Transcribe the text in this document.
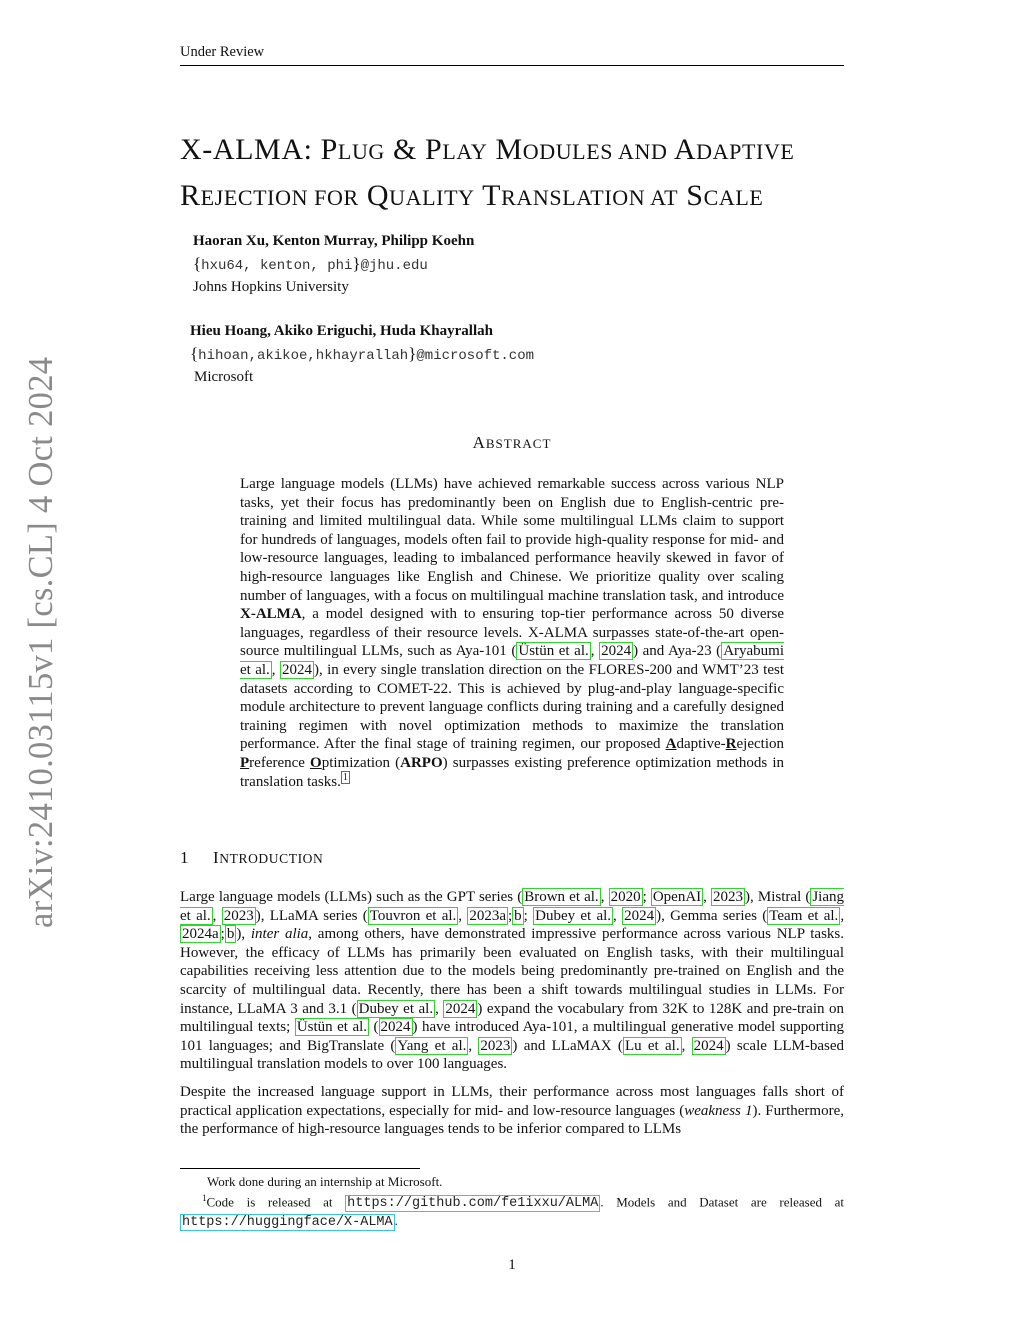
Under Review
arXiv:2410.03115v1 [cs.CL] 4 Oct 2024
X-ALMA: PLUG & PLAY MODULES AND ADAPTIVE
REJECTION FOR QUALITY TRANSLATION AT SCALE
Haoran Xu, Kenton Murray, Philipp Koehn
{hxu64, kenton, phi}@jhu.edu
Johns Hopkins University
Hieu Hoang, Akiko Eriguchi, Huda Khayrallah
{hihoan,akikoe,hkhayrallah}@microsoft.com
Microsoft
ABSTRACT
Large language models (LLMs) have achieved remarkable success across various NLP tasks, yet their focus has predominantly been on English due to English-centric pre-training and limited multilingual data. While some multilingual LLMs claim to support for hundreds of languages, models often fail to provide high-quality response for mid- and low-resource languages, leading to imbalanced performance heavily skewed in favor of high-resource languages like English and Chinese. We prioritize quality over scaling number of languages, with a focus on multilingual machine translation task, and introduce X-ALMA, a model designed with to ensuring top-tier performance across 50 diverse languages, regardless of their resource levels. X-ALMA surpasses state-of-the-art open-source multilingual LLMs, such as Aya-101 ( Üstün et al. , 2024 ) and Aya-23 ( Aryabumi et al. , 2024 ), in every single translation direction on the FLORES-200 and WMT’23 test datasets according to COMET-22. This is achieved by plug-and-play language-specific module architecture to prevent language conflicts during training and a carefully designed training regimen with novel optimization methods to maximize the translation performance. After the final stage of training regimen, our proposed Adaptive-Rejection Preference Optimization (ARPO) surpasses existing preference optimization methods in translation tasks. $^1$
1 INTRODUCTION

Large language models (LLMs) such as the GPT series ( Brown et al. , 2020 ; OpenAI , 2023 ), Mistral ( Jiang et al. , 2023 ), LLaMA series ( Touvron et al. , 2023a ; b ; Dubey et al. , 2024 ), Gemma series ( Team et al. , 2024a ; b ), inter alia, among others, have demonstrated impressive performance across various NLP tasks. However, the efficacy of LLMs has primarily been evaluated on English tasks, with their multilingual capabilities receiving less attention due to the models being predominantly pre-trained on English and the scarcity of multilingual data. Recently, there has been a shift towards multilingual studies in LLMs. For instance, LLaMA 3 and 3.1 ( Dubey et al. , 2024 ) expand the vocabulary from 32K to 128K and pre-train on multilingual texts; Üstün et al. ( 2024 ) have introduced Aya-101, a multilingual generative model supporting 101 languages; and BigTranslate ( Yang et al. , 2023 ) and LLaMAX ( Lu et al. , 2024 ) scale LLM-based multilingual translation models to over 100 languages.

Despite the increased language support in LLMs, their performance across most languages falls short of practical application expectations, especially for mid- and low-resource languages (weakness 1). Furthermore, the performance of high-resource languages tends to be inferior compared to LLMs

Work done during an internship at Microsoft.
$^1$Code is released at https://github.com/fe1ixxu/ALMA . Models and Dataset are released at https://huggingface/X-ALMA .
1
